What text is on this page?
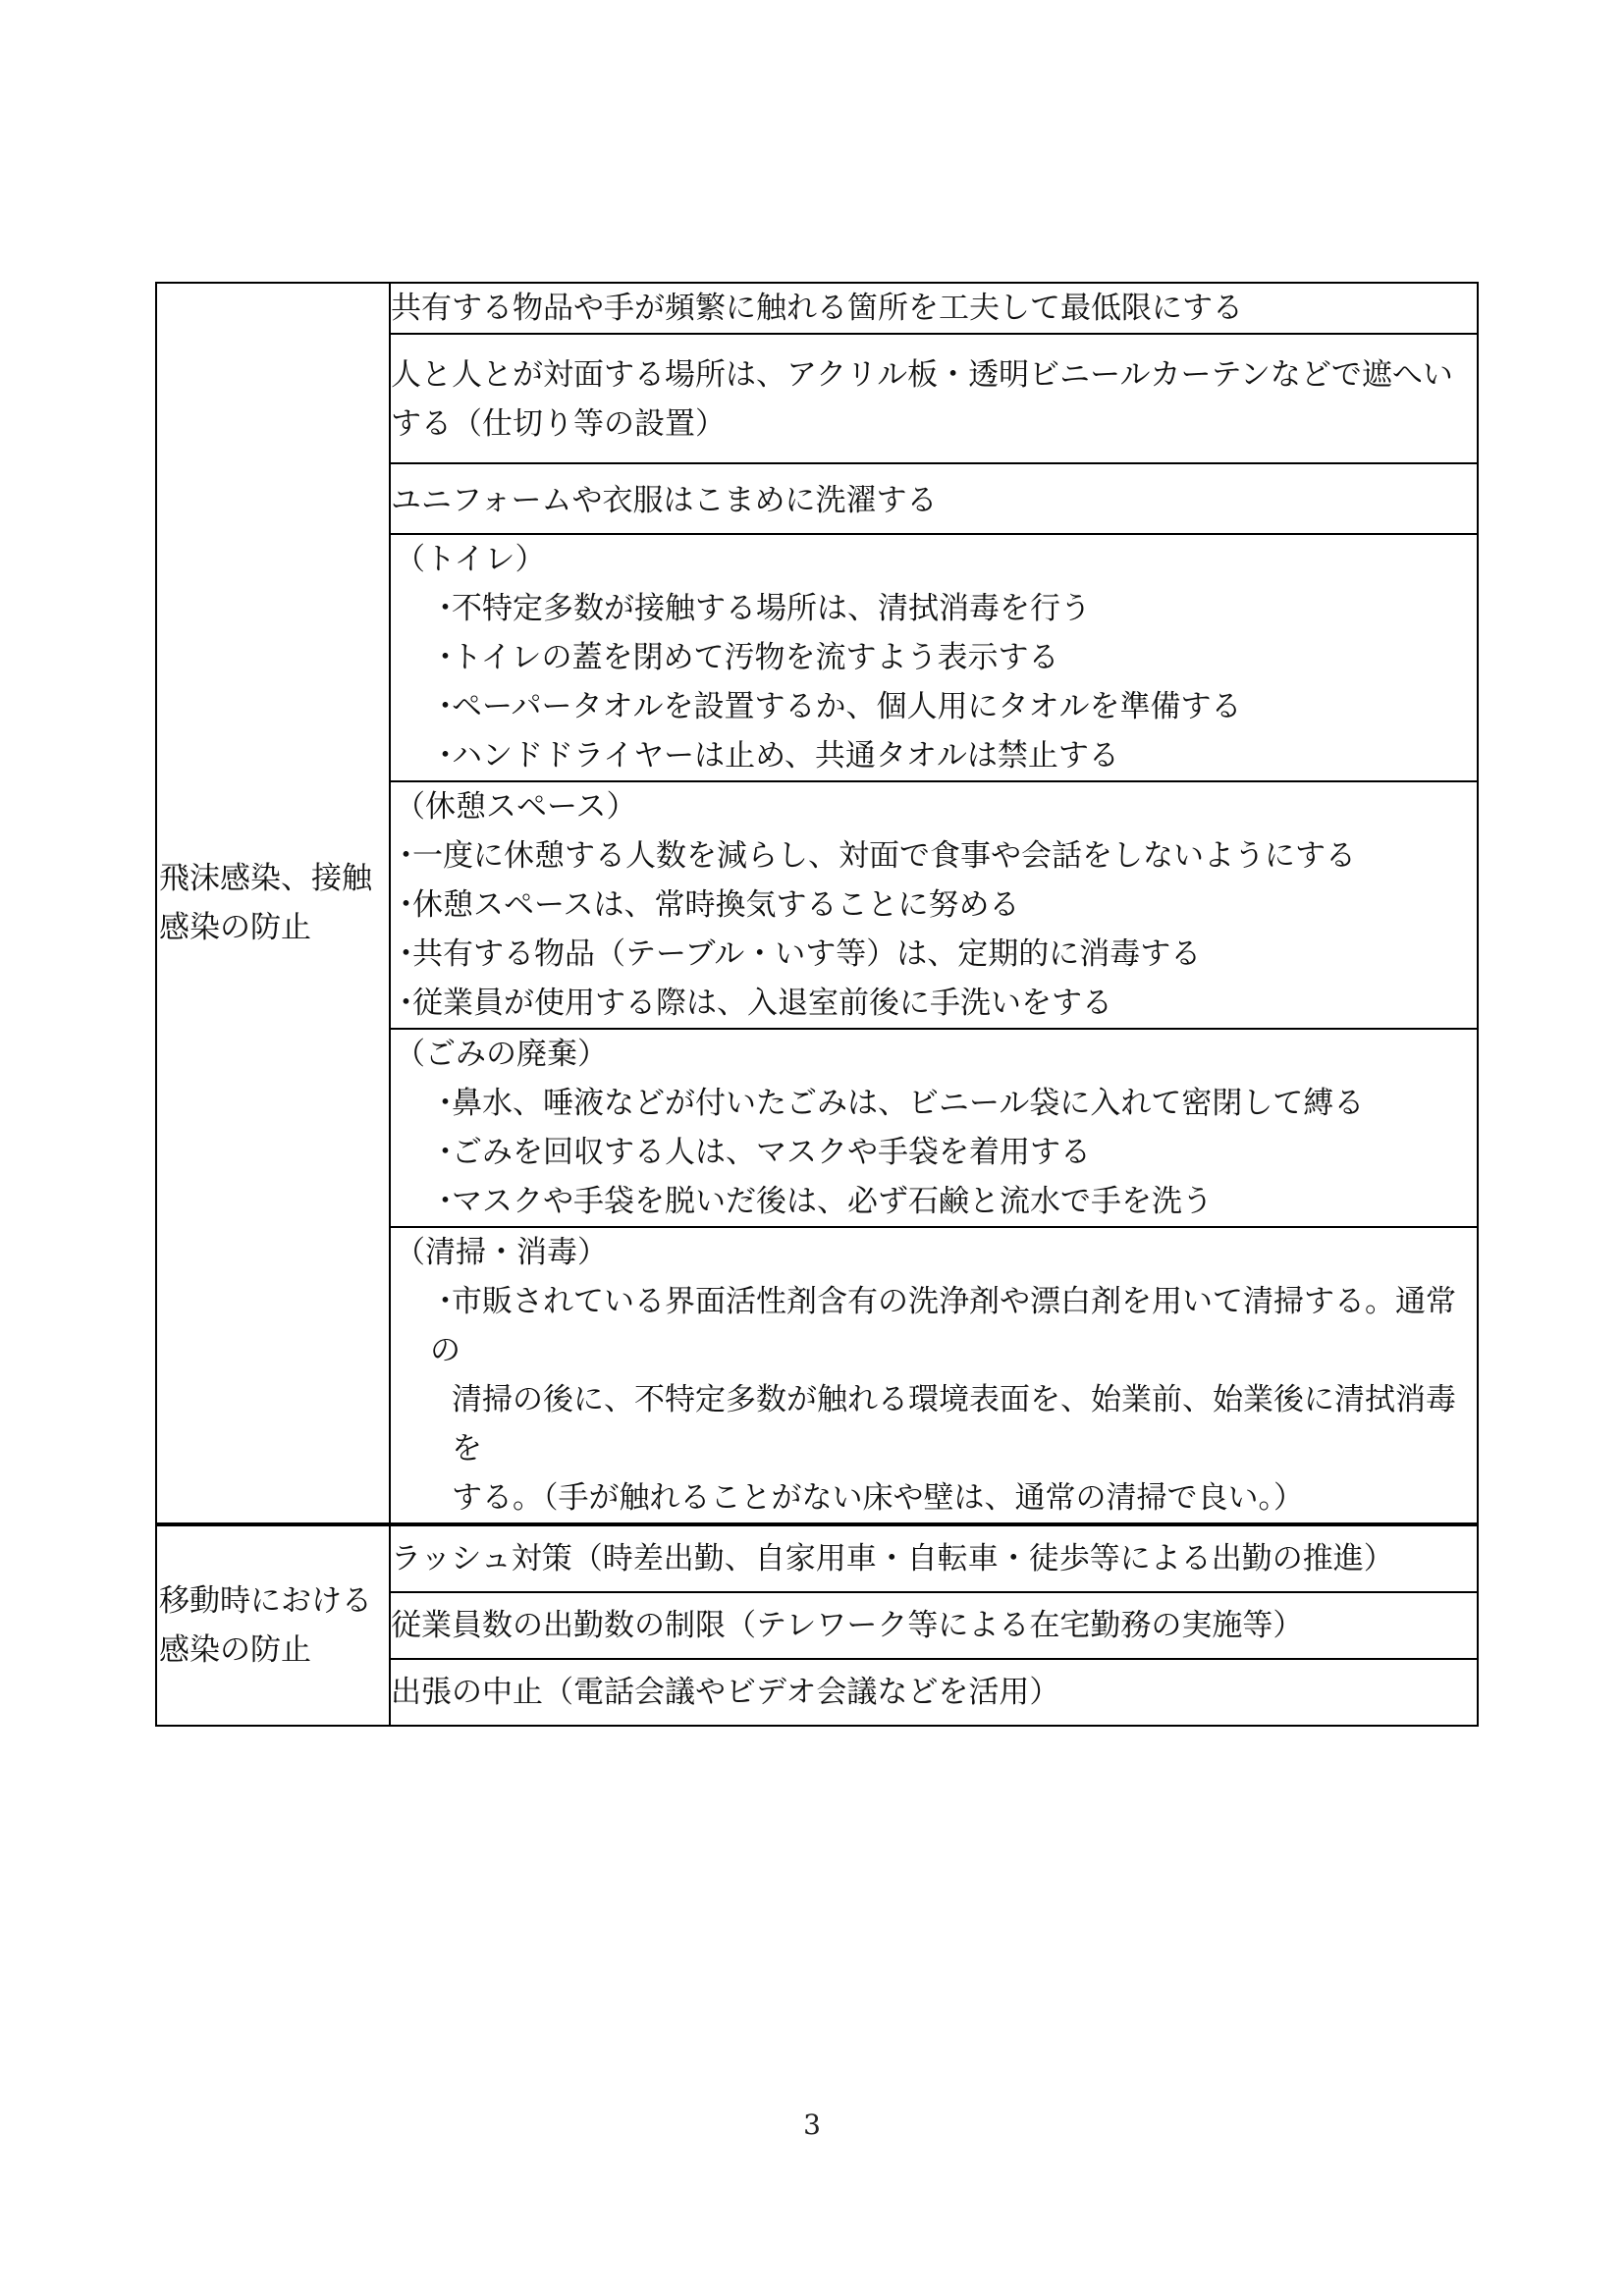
飛沫感染、接触
感染の防止	共有する物品や手が頻繁に触れる箇所を工夫して最低限にする

	人と人とが対面する場所は、アクリル板・透明ビニールカーテンなどで遮へい
する（仕切り等の設置）

	ユニフォームや衣服はこまめに洗濯する

	（トイレ）
・不特定多数が接触する場所は、清拭消毒を行う
・トイレの蓋を閉めて汚物を流すよう表示する
・ペーパータオルを設置するか、個人用にタオルを準備する
・ハンドドライヤーは止め、共通タオルは禁止する

	（休憩スペース）
・一度に休憩する人数を減らし、対面で食事や会話をしないようにする
・休憩スペースは、常時換気することに努める
・共有する物品（テーブル・いす等）は、定期的に消毒する
・従業員が使用する際は、入退室前後に手洗いをする

	（ごみの廃棄）
・鼻水、唾液などが付いたごみは、ビニール袋に入れて密閉して縛る
・ごみを回収する人は、マスクや手袋を着用する
・マスクや手袋を脱いだ後は、必ず石鹸と流水で手を洗う

	（清掃・消毒）
・市販されている界面活性剤含有の洗浄剤や漂白剤を用いて清掃する。通常の
清掃の後に、不特定多数が触れる環境表面を、始業前、始業後に清拭消毒を
する。（手が触れることがない床や壁は、通常の清掃で良い。）

移動時における
感染の防止	ラッシュ対策（時差出勤、自家用車・自転車・徒歩等による出勤の推進）

	従業員数の出勤数の制限（テレワーク等による在宅勤務の実施等）

	出張の中止（電話会議やビデオ会議などを活用）
3
